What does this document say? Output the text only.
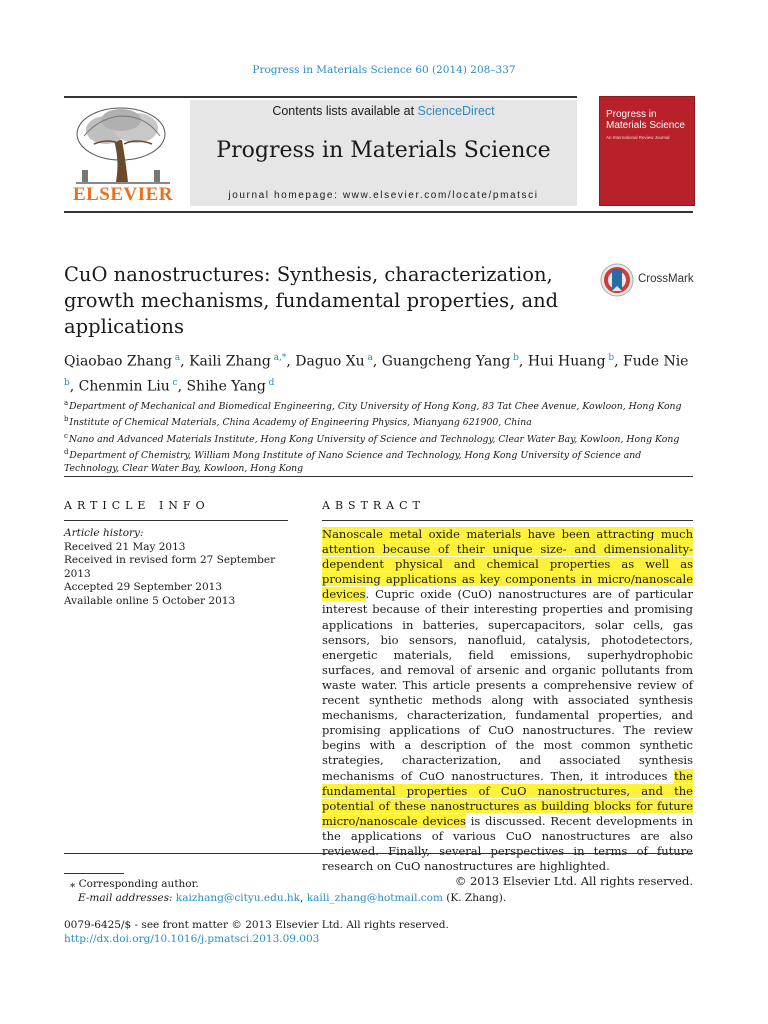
Progress in Materials Science 60 (2014) 208–337
ELSEVIER
Contents lists available at ScienceDirect
Progress in Materials Science
journal homepage: www.elsevier.com/locate/pmatsci
Progress in Materials Science
An International Review Journal
CuO nanostructures: Synthesis, characterization, growth mechanisms, fundamental properties, and applications
CrossMark
Qiaobao Zhang  $^a$, Kaili Zhang  $^{a,*}$, Daguo Xu  $^a$, Guangcheng Yang  $^b$, Hui Huang  $^b$, Fude Nie $^b$, Chenmin Liu  $^c$, Shihe Yang  $^d$
$^a$ Department of Mechanical and Biomedical Engineering, City University of Hong Kong, 83 Tat Chee Avenue, Kowloon, Hong Kong
$^b$ Institute of Chemical Materials, China Academy of Engineering Physics, Mianyang 621900, China
$^c$ Nano and Advanced Materials Institute, Hong Kong University of Science and Technology, Clear Water Bay, Kowloon, Hong Kong
$^d$ Department of Chemistry, William Mong Institute of Nano Science and Technology, Hong Kong University of Science and Technology, Clear Water Bay, Kowloon, Hong Kong
ARTICLE INFO	ABSTRACT
Article history:
Received 21 May 2013
Received in revised form 27 September 2013
Accepted 29 September 2013
Available online 5 October 2013
Nanoscale metal oxide materials have been attracting much attention because of their unique size- and dimensionality-dependent physical and chemical properties as well as promising applications as key components in micro/nanoscale devices. Cupric oxide (CuO) nanostructures are of particular interest because of their interesting properties and promising applications in batteries, supercapacitors, solar cells, gas sensors, bio sensors, nanofluid, catalysis, photodetectors, energetic materials, field emissions, superhydrophobic surfaces, and removal of arsenic and organic pollutants from waste water. This article presents a comprehensive review of recent synthetic methods along with associated synthesis mechanisms, characterization, fundamental properties, and promising applications of CuO nanostructures. The review begins with a description of the most common synthetic strategies, characterization, and associated synthesis mechanisms of CuO nanostructures. Then, it introduces the fundamental properties of CuO nanostructures, and the potential of these nanostructures as building blocks for future micro/nanoscale devices is discussed. Recent developments in the applications of various CuO nanostructures are also reviewed. Finally, several perspectives in terms of future research on CuO nanostructures are highlighted.
© 2013 Elsevier Ltd. All rights reserved.
⁎ Corresponding author.
E-mail addresses: kaizhang@cityu.edu.hk, kaili_zhang@hotmail.com (K. Zhang).
0079-6425/$ - see front matter © 2013 Elsevier Ltd. All rights reserved.
http://dx.doi.org/10.1016/j.pmatsci.2013.09.003
